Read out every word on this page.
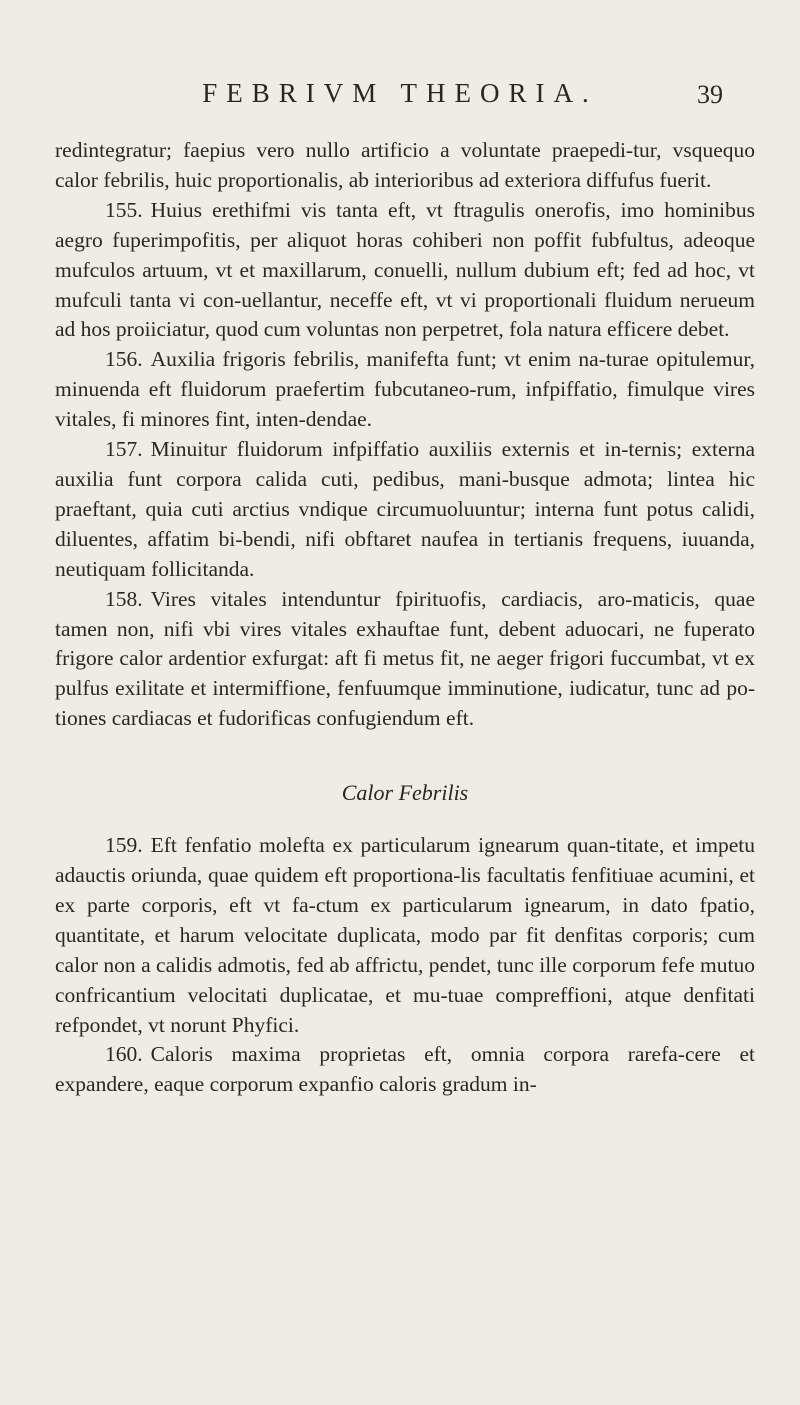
FEBRIVM THEORIA.	39

redintegratur; faepius vero nullo artificio a voluntate praepedi-tur, vsquequo calor febrilis, huic proportionalis, ab interioribus ad exteriora diffufus fuerit.

155. Huius erethifmi vis tanta eft, vt ftragulis onerofis, imo hominibus aegro fuperimpofitis, per aliquot horas cohiberi non poffit fubfultus, adeoque mufculos artuum, vt et maxillarum, conuelli, nullum dubium eft; fed ad hoc, vt mufculi tanta vi con-uellantur, neceffe eft, vt vi proportionali fluidum nerueum ad hos proiiciatur, quod cum voluntas non perpetret, fola natura efficere debet.

156. Auxilia frigoris febrilis, manifefta funt; vt enim na-turae opitulemur, minuenda eft fluidorum praefertim fubcutaneo-rum, infpiffatio, fimulque vires vitales, fi minores fint, inten-dendae.

157. Minuitur fluidorum infpiffatio auxiliis externis et in-ternis; externa auxilia funt corpora calida cuti, pedibus, mani-busque admota; lintea hic praeftant, quia cuti arctius vndique circumuoluuntur; interna funt potus calidi, diluentes, affatim bi-bendi, nifi obftaret naufea in tertianis frequens, iuuanda, neutiquam follicitanda.

158. Vires vitales intenduntur fpirituofis, cardiacis, aro-maticis, quae tamen non, nifi vbi vires vitales exhauftae funt, debent aduocari, ne fuperato frigore calor ardentior exfurgat: aft fi metus fit, ne aeger frigori fuccumbat, vt ex pulfus exilitate et intermiffione, fenfuumque imminutione, iudicatur, tunc ad po-tiones cardiacas et fudorificas confugiendum eft.

Calor Febrilis

159. Eft fenfatio molefta ex particularum ignearum quan-titate, et impetu adauctis oriunda, quae quidem eft proportiona-lis facultatis fenfitiuae acumini, et ex parte corporis, eft vt fa-ctum ex particularum ignearum, in dato fpatio, quantitate, et harum velocitate duplicata, modo par fit denfitas corporis; cum calor non a calidis admotis, fed ab affrictu, pendet, tunc ille corporum fefe mutuo confricantium velocitati duplicatae, et mu-tuae compreffioni, atque denfitati refpondet, vt norunt Phyfici.

160. Caloris maxima proprietas eft, omnia corpora rarefa-cere et expandere, eaque corporum expanfio caloris gradum in-
